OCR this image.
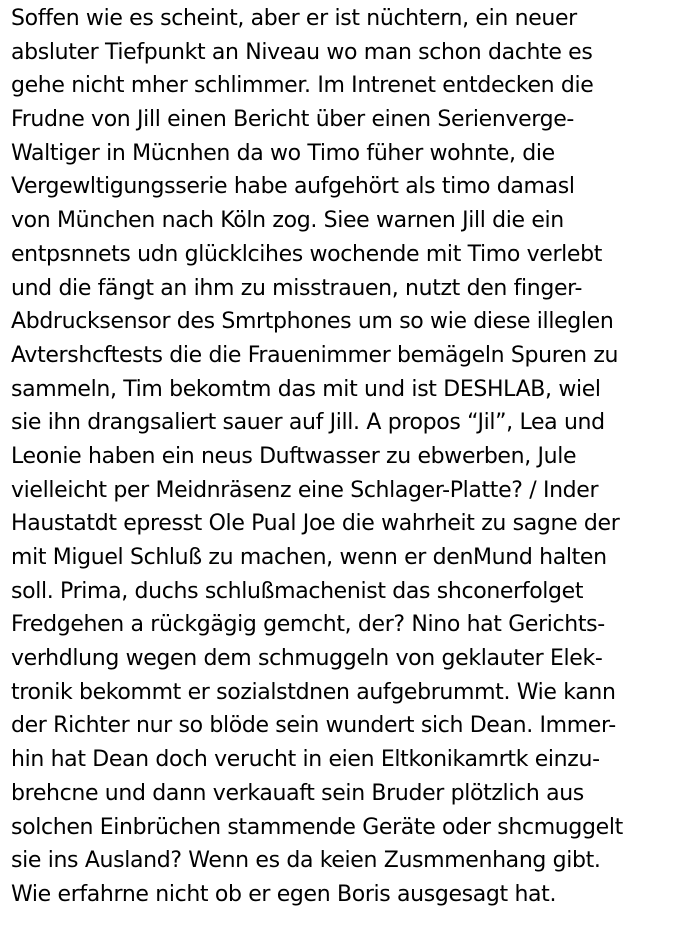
Soffen wie es scheint, aber er ist nüchtern, ein neuer
absluter Tiefpunkt an Niveau wo man schon dachte es
gehe nicht mher schlimmer. Im Intrenet entdecken die
Frudne von Jill einen Bericht über einen Serienverge-
Waltiger in Mücnhen da wo Timo füher wohnte, die
Vergewltigungsserie habe aufgehört als timo damasl
von München nach Köln zog. Siee warnen Jill die ein
entpsnnets udn glücklcihes wochende mit Timo verlebt
und die fängt an ihm zu misstrauen, nutzt den finger-
Abdrucksensor des Smrtphones um so wie diese illeglen
Avtershcftests die die Frauenimmer bemägeln Spuren zu
sammeln, Tim bekomtm das mit und ist DESHLAB, wiel
sie ihn drangsaliert sauer auf Jill. A propos “Jil”, Lea und
Leonie haben ein neus Duftwasser zu ebwerben, Jule
vielleicht per Meidnräsenz eine Schlager-Platte? / Inder
Haustatdt epresst Ole Pual Joe die wahrheit zu sagne der
mit Miguel Schluß zu machen, wenn er denMund halten
soll. Prima, duchs schlußmachenist das shconerfolget
Fredgehen a rückgägig gemcht, der? Nino hat Gerichts-
verhdlung wegen dem schmuggeln von geklauter Elek-
tronik bekommt er sozialstdnen aufgebrummt. Wie kann
der Richter nur so blöde sein wundert sich Dean. Immer-
hin hat Dean doch verucht in eien Eltkonikamrtk einzu-
brehcne und dann verkauaft sein Bruder plötzlich aus
solchen Einbrüchen stammende Geräte oder shcmuggelt
sie ins Ausland? Wenn es da keien Zusmmenhang gibt.
Wie erfahrne nicht ob er egen Boris ausgesagt hat.
